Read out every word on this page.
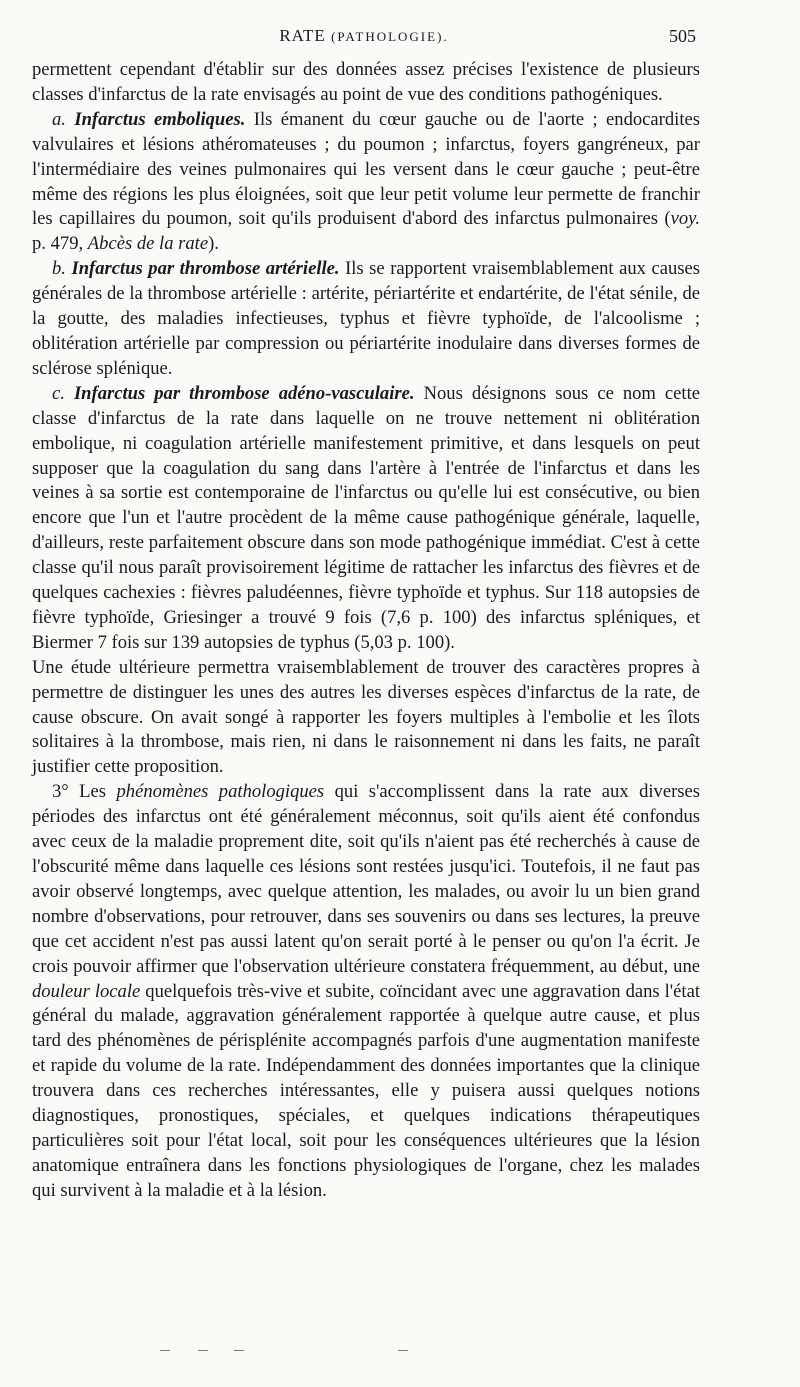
RATE (PATHOLOGIE).	505

permettent cependant d'établir sur des données assez précises l'existence de plusieurs classes d'infarctus de la rate envisagés au point de vue des conditions pathogéniques.

a. Infarctus emboliques. Ils émanent du cœur gauche ou de l'aorte ; endocardites valvulaires et lésions athéromateuses ; du poumon ; infarctus, foyers gangréneux, par l'intermédiaire des veines pulmonaires qui les versent dans le cœur gauche ; peut-être même des régions les plus éloignées, soit que leur petit volume leur permette de franchir les capillaires du poumon, soit qu'ils produisent d'abord des infarctus pulmonaires (voy. p. 479, Abcès de la rate).

b. Infarctus par thrombose artérielle. Ils se rapportent vraisemblablement aux causes générales de la thrombose artérielle : artérite, périartérite et endartérite, de l'état sénile, de la goutte, des maladies infectieuses, typhus et fièvre typhoïde, de l'alcoolisme ; oblitération artérielle par compression ou périartérite inodulaire dans diverses formes de sclérose splénique.

c. Infarctus par thrombose adéno-vasculaire. Nous désignons sous ce nom cette classe d'infarctus de la rate dans laquelle on ne trouve nettement ni oblitération embolique, ni coagulation artérielle manifestement primitive, et dans lesquels on peut supposer que la coagulation du sang dans l'artère à l'entrée de l'infarctus et dans les veines à sa sortie est contemporaine de l'infarctus ou qu'elle lui est consécutive, ou bien encore que l'un et l'autre procèdent de la même cause pathogénique générale, laquelle, d'ailleurs, reste parfaitement obscure dans son mode pathogénique immédiat. C'est à cette classe qu'il nous paraît provisoirement légitime de rattacher les infarctus des fièvres et de quelques cachexies : fièvres paludéennes, fièvre typhoïde et typhus. Sur 118 autopsies de fièvre typhoïde, Griesinger a trouvé 9 fois (7,6 p. 100) des infarctus spléniques, et Biermer 7 fois sur 139 autopsies de typhus (5,03 p. 100).

Une étude ultérieure permettra vraisemblablement de trouver des caractères propres à permettre de distinguer les unes des autres les diverses espèces d'infarctus de la rate, de cause obscure. On avait songé à rapporter les foyers multiples à l'embolie et les îlots solitaires à la thrombose, mais rien, ni dans le raisonnement ni dans les faits, ne paraît justifier cette proposition.

3° Les phénomènes pathologiques qui s'accomplissent dans la rate aux diverses périodes des infarctus ont été généralement méconnus, soit qu'ils aient été confondus avec ceux de la maladie proprement dite, soit qu'ils n'aient pas été recherchés à cause de l'obscurité même dans laquelle ces lésions sont restées jusqu'ici. Toutefois, il ne faut pas avoir observé longtemps, avec quelque attention, les malades, ou avoir lu un bien grand nombre d'observations, pour retrouver, dans ses souvenirs ou dans ses lectures, la preuve que cet accident n'est pas aussi latent qu'on serait porté à le penser ou qu'on l'a écrit. Je crois pouvoir affirmer que l'observation ultérieure constatera fréquemment, au début, une douleur locale quelquefois très-vive et subite, coïncidant avec une aggravation dans l'état général du malade, aggravation généralement rapportée à quelque autre cause, et plus tard des phénomènes de périsplénite accompagnés parfois d'une augmentation manifeste et rapide du volume de la rate. Indépendamment des données importantes que la clinique trouvera dans ces recherches intéressantes, elle y puisera aussi quelques notions diagnostiques, pronostiques, spéciales, et quelques indications thérapeutiques particulières soit pour l'état local, soit pour les conséquences ultérieures que la lésion anatomique entraînera dans les fonctions physiologiques de l'organe, chez les malades qui survivent à la maladie et à la lésion.
